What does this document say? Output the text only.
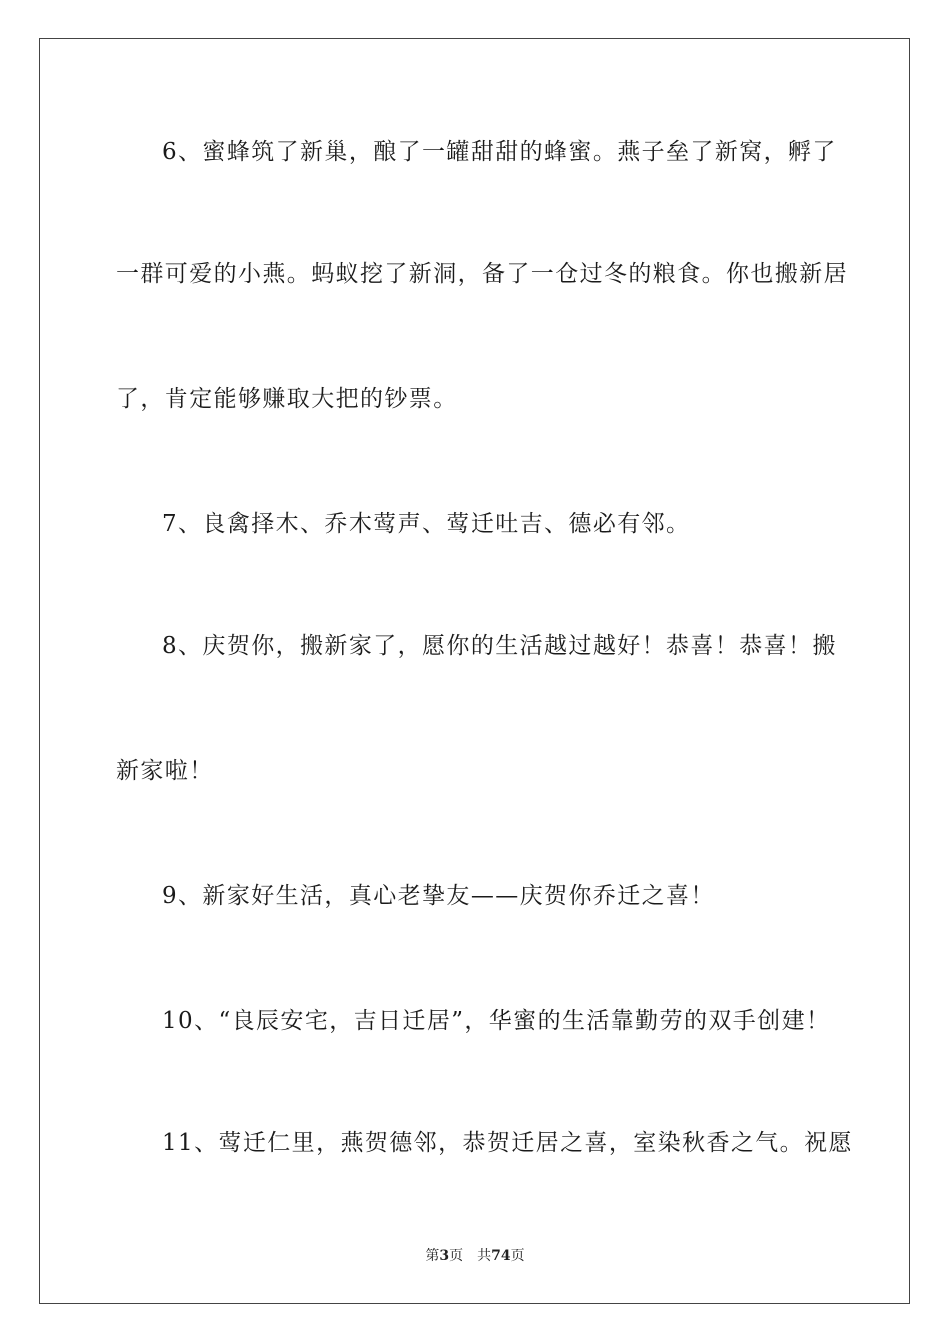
6、蜜蜂筑了新巢，酿了一罐甜甜的蜂蜜。燕子垒了新窝，孵了
一群可爱的小燕。蚂蚁挖了新洞，备了一仓过冬的粮食。你也搬新居
了，肯定能够赚取大把的钞票。
7、良禽择木、乔木莺声、莺迁吐吉、德必有邻。
8、庆贺你，搬新家了，愿你的生活越过越好！恭喜！恭喜！搬
新家啦！
9、新家好生活，真心老挚友——庆贺你乔迁之喜！
10、“良辰安宅，吉日迁居”，华蜜的生活靠勤劳的双手创建！
11、莺迁仁里，燕贺德邻，恭贺迁居之喜，室染秋香之气。祝愿
第3页　共74页
